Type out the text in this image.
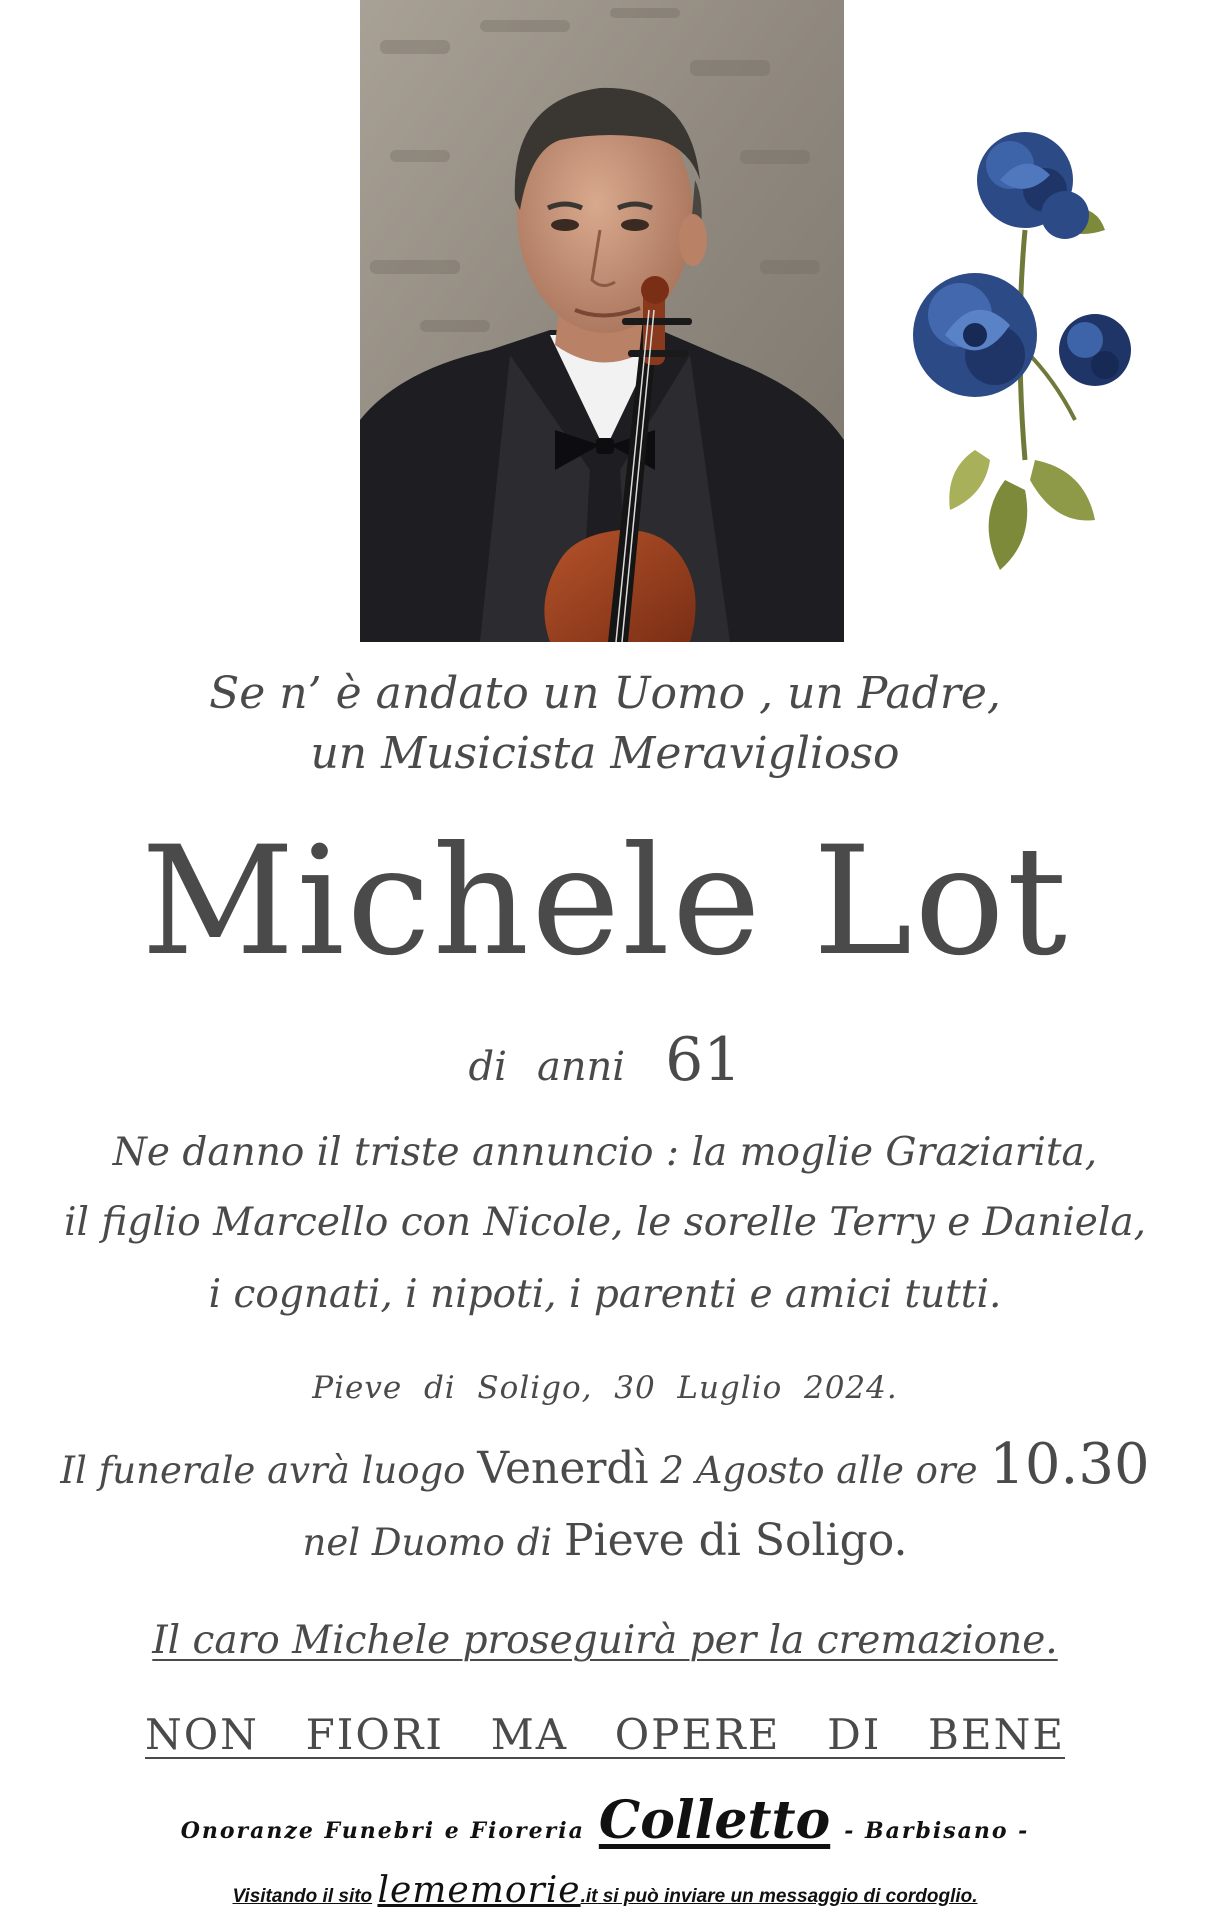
Se n’ è andato un Uomo , un Padre,
un Musicista Meraviglioso
Michele Lot
di anni 61
Ne danno il triste annuncio : la moglie Graziarita,
il figlio Marcello con Nicole, le sorelle Terry e Daniela,
i cognati, i nipoti, i parenti e amici tutti.
Pieve  di  Soligo,  30  Luglio  2024.
Il funerale avrà luogo Venerdì 2 Agosto alle ore 10.30
nel Duomo di Pieve di Soligo.
Il caro Michele proseguirà per la cremazione.
NON  FIORI  MA  OPERE  DI  BENE
Onoranze Funebri e Fioreria Colletto - Barbisano -
Visitando il sito lememorie.it si può inviare un messaggio di cordoglio.
